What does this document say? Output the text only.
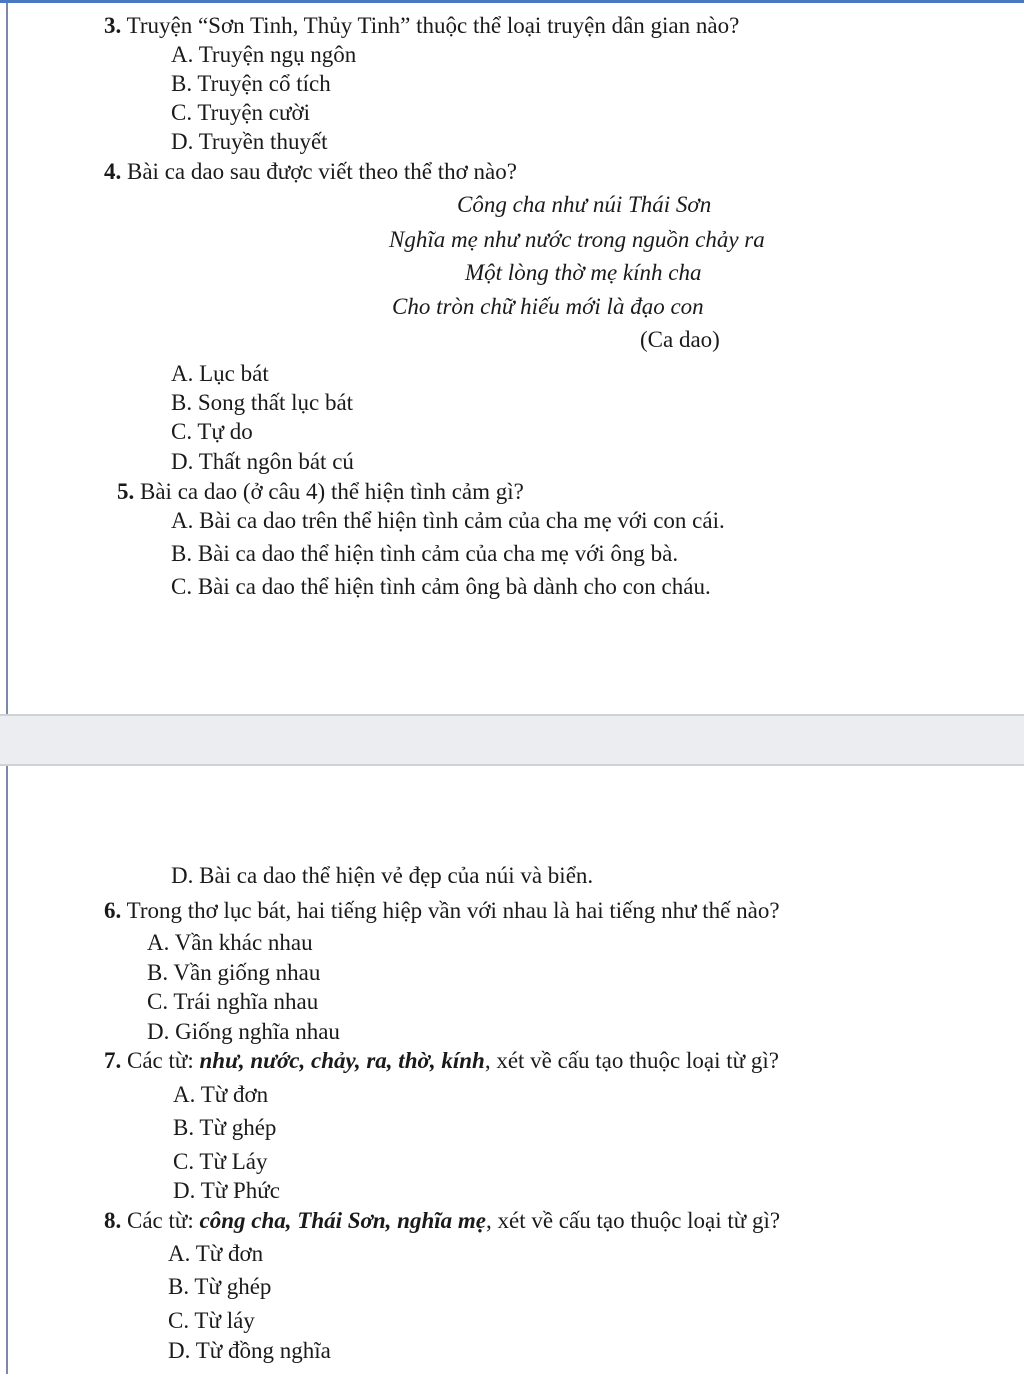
3. Truyện “Sơn Tinh, Thủy Tinh” thuộc thể loại truyện dân gian nào?
A. Truyện ngụ ngôn
B. Truyện cổ tích
C. Truyện cười
D. Truyền thuyết
4. Bài ca dao sau được viết theo thể thơ nào?
Công cha như núi Thái Sơn
Nghĩa mẹ như nước trong nguồn chảy ra
Một lòng thờ mẹ kính cha
Cho tròn chữ hiếu mới là đạo con
(Ca dao)
A. Lục bát
B. Song thất lục bát
C. Tự do
D. Thất ngôn bát cú
5. Bài ca dao (ở câu 4) thể hiện tình cảm gì?
A. Bài ca dao trên thể hiện tình cảm của cha mẹ với con cái.
B. Bài ca dao thể hiện tình cảm của cha mẹ với ông bà.
C. Bài ca dao thể hiện tình cảm ông bà dành cho con cháu.
D. Bài ca dao thể hiện vẻ đẹp của núi và biển.
6. Trong thơ lục bát, hai tiếng hiệp vần với nhau là hai tiếng như thế nào?
A. Vần khác nhau
B. Vần giống nhau
C. Trái nghĩa nhau
D. Giống nghĩa nhau
7. Các từ: như, nước, chảy, ra, thờ, kính, xét về cấu tạo thuộc loại từ gì?
A. Từ đơn
B. Từ ghép
C. Từ Láy
D. Từ Phức
8. Các từ: công cha, Thái Sơn, nghĩa mẹ, xét về cấu tạo thuộc loại từ gì?
A. Từ đơn
B. Từ ghép
C. Từ láy
D. Từ đồng nghĩa
